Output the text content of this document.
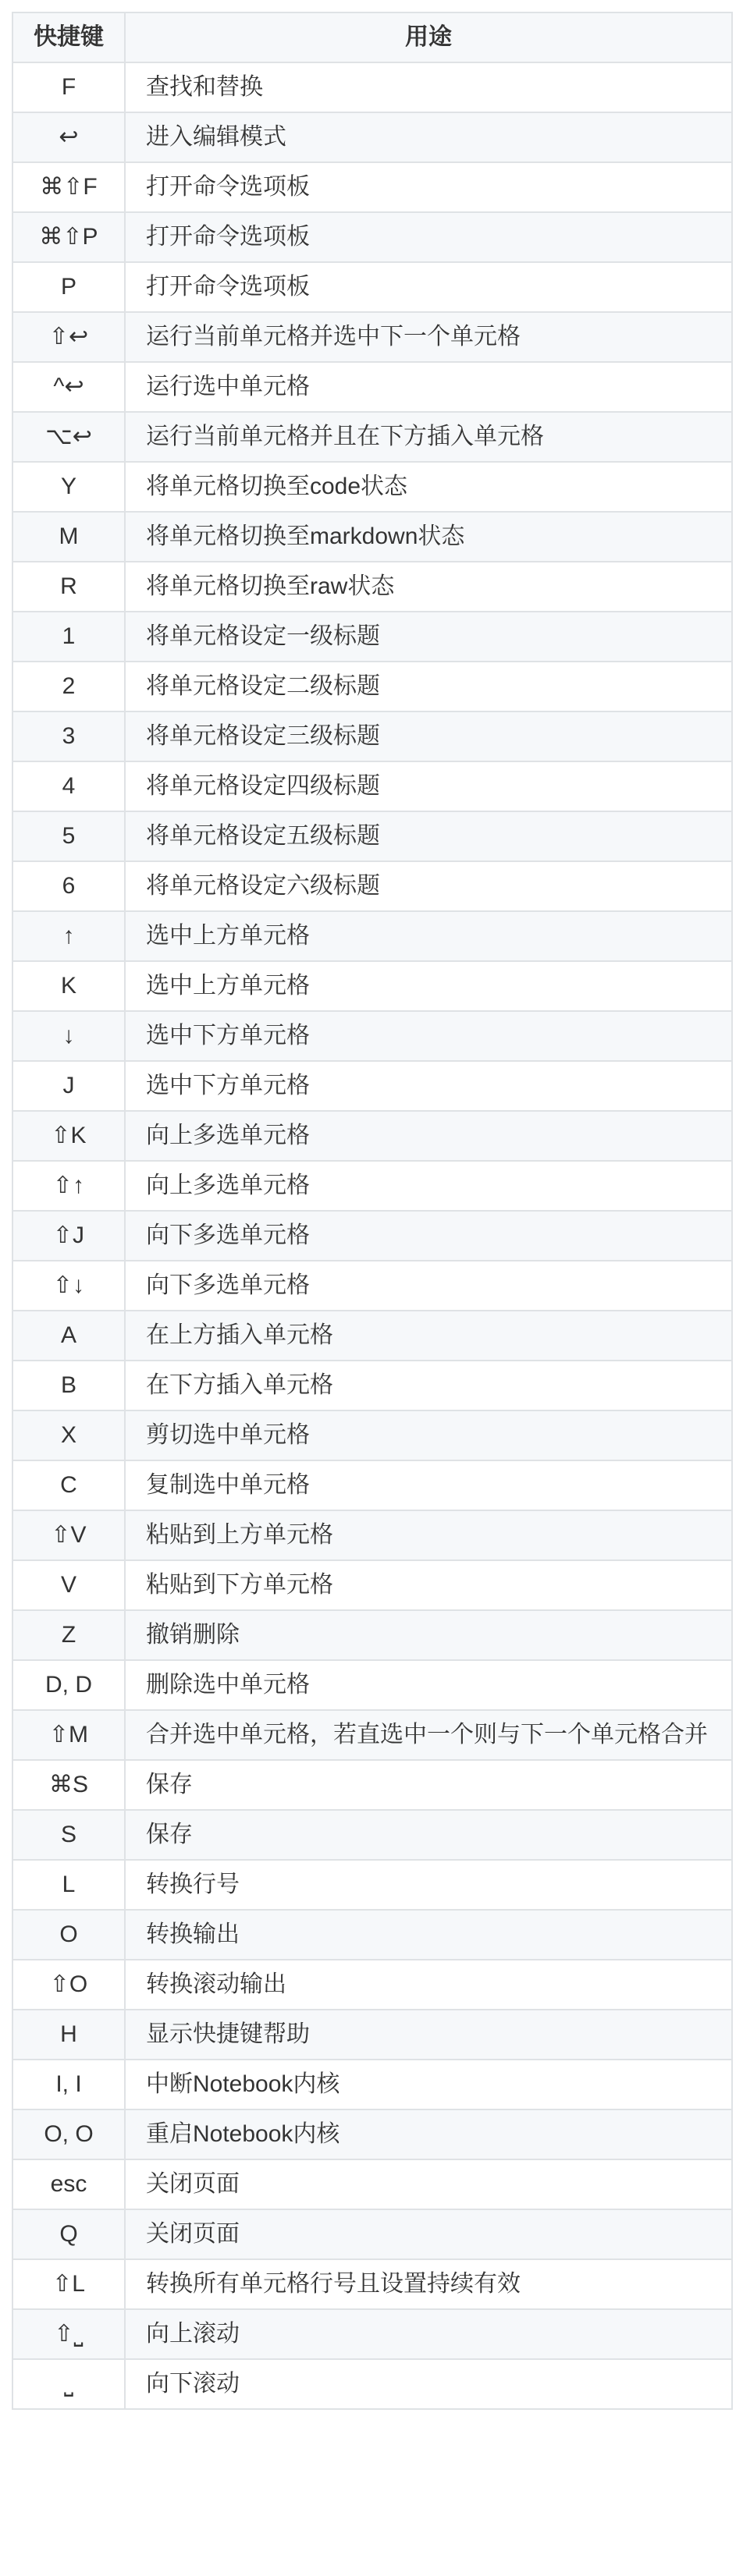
快捷键	用途
F	查找和替换
↩	进入编辑模式
⌘⇧F	打开命令选项板
⌘⇧P	打开命令选项板
P	打开命令选项板
⇧↩	运行当前单元格并选中下一个单元格
^↩	运行选中单元格
⌥↩	运行当前单元格并且在下方插入单元格
Y	将单元格切换至code状态
M	将单元格切换至markdown状态
R	将单元格切换至raw状态
1	将单元格设定一级标题
2	将单元格设定二级标题
3	将单元格设定三级标题
4	将单元格设定四级标题
5	将单元格设定五级标题
6	将单元格设定六级标题
↑	选中上方单元格
K	选中上方单元格
↓	选中下方单元格
J	选中下方单元格
⇧K	向上多选单元格
⇧↑	向上多选单元格
⇧J	向下多选单元格
⇧↓	向下多选单元格
A	在上方插入单元格
B	在下方插入单元格
X	剪切选中单元格
C	复制选中单元格
⇧V	粘贴到上方单元格
V	粘贴到下方单元格
Z	撤销删除
D, D	删除选中单元格
⇧M	合并选中单元格，若直选中一个则与下一个单元格合并
⌘S	保存
S	保存
L	转换行号
O	转换输出
⇧O	转换滚动输出
H	显示快捷键帮助
I, I	中断Notebook内核
O, O	重启Notebook内核
esc	关闭页面
Q	关闭页面
⇧L	转换所有单元格行号且设置持续有效
⇧⎵	向上滚动
⎵	向下滚动
